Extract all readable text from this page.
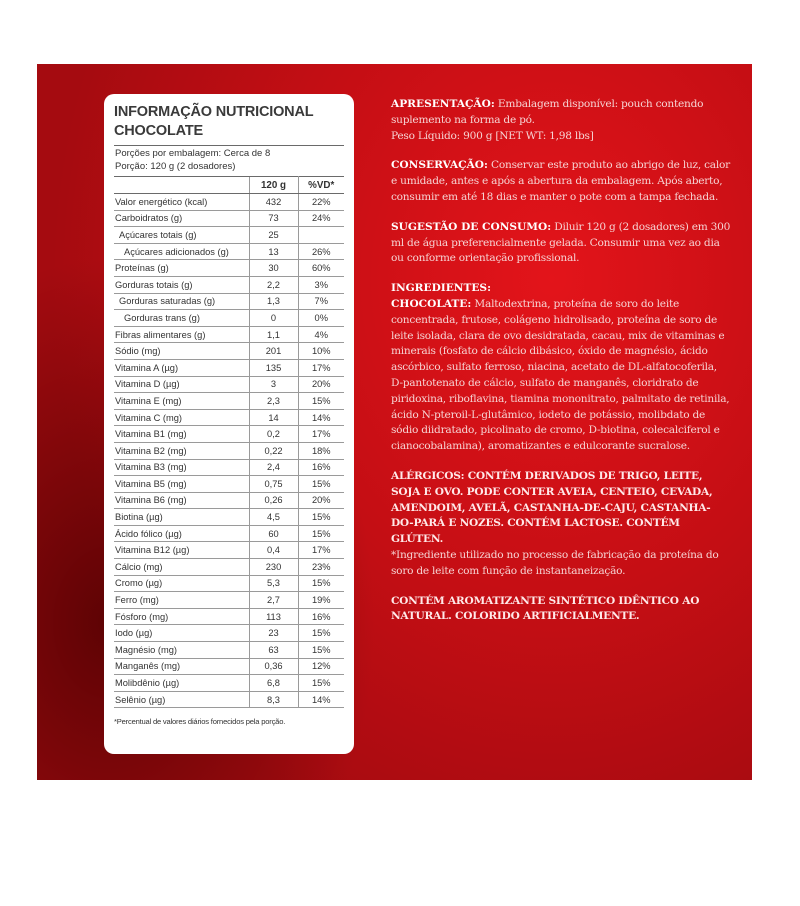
INFORMAÇÃO NUTRICIONAL
CHOCOLATE
Porções por embalagem: Cerca de 8
Porção: 120 g (2 dosadores)
	120 g	%VD*
Valor energético (kcal)	432	22%
Carboidratos (g)	73	24%
Açúcares totais (g)	25	
Açúcares adicionados (g)	13	26%
Proteínas (g)	30	60%
Gorduras totais (g)	2,2	3%
Gorduras saturadas (g)	1,3	7%
Gorduras trans (g)	0	0%
Fibras alimentares (g)	1,1	4%
Sódio (mg)	201	10%
Vitamina A (µg)	135	17%
Vitamina D (µg)	3	20%
Vitamina E (mg)	2,3	15%
Vitamina C (mg)	14	14%
Vitamina B1 (mg)	0,2	17%
Vitamina B2 (mg)	0,22	18%
Vitamina B3 (mg)	2,4	16%
Vitamina B5 (mg)	0,75	15%
Vitamina B6 (mg)	0,26	20%
Biotina (µg)	4,5	15%
Ácido fólico (µg)	60	15%
Vitamina B12 (µg)	0,4	17%
Cálcio (mg)	230	23%
Cromo (µg)	5,3	15%
Ferro (mg)	2,7	19%
Fósforo (mg)	113	16%
Iodo (µg)	23	15%
Magnésio (mg)	63	15%
Manganês (mg)	0,36	12%
Molibdênio (µg)	6,8	15%
Selênio (µg)	8,3	14%
*Percentual de valores diários fornecidos pela porção.

APRESENTAÇÃO: Embalagem disponível: pouch contendo suplemento na forma de pó.

Peso Líquido: 900 g [NET WT: 1,98 lbs]

CONSERVAÇÃO: Conservar este produto ao abrigo de luz, calor e umidade, antes e após a abertura da embalagem. Após aberto, consumir em até 18 dias e manter o pote com a tampa fechada.

SUGESTÃO DE CONSUMO: Diluir 120 g (2 dosadores) em 300 ml de água preferencialmente gelada. Consumir uma vez ao dia ou conforme orientação profissional.

INGREDIENTES:

CHOCOLATE: Maltodextrina, proteína de soro do leite concentrada, frutose, colágeno hidrolisado, proteína de soro de leite isolada, clara de ovo desidratada, cacau, mix de vitaminas e minerais (fosfato de cálcio dibásico, óxido de magnésio, ácido ascórbico, sulfato ferroso, niacina, acetato de DL-alfatocoferila, D-pantotenato de cálcio, sulfato de manganês, cloridrato de piridoxina, riboflavina, tiamina mononitrato, palmitato de retinila, ácido N-pteroil-L-glutâmico, iodeto de potássio, molibdato de sódio diidratado, picolinato de cromo, D-biotina, colecalciferol e cianocobalamina), aromatizantes e edulcorante sucralose.

ALÉRGICOS: CONTÉM DERIVADOS DE TRIGO, LEITE, SOJA E OVO. PODE CONTER AVEIA, CENTEIO, CEVADA, AMENDOIM, AVELÃ, CASTANHA-DE-CAJU, CASTANHA-DO-PARÁ E NOZES. CONTÉM LACTOSE. CONTÉM GLÚTEN.

*Ingrediente utilizado no processo de fabricação da proteína do soro de leite com função de instantaneização.

CONTÉM AROMATIZANTE SINTÉTICO IDÊNTICO AO NATURAL. COLORIDO ARTIFICIALMENTE.
